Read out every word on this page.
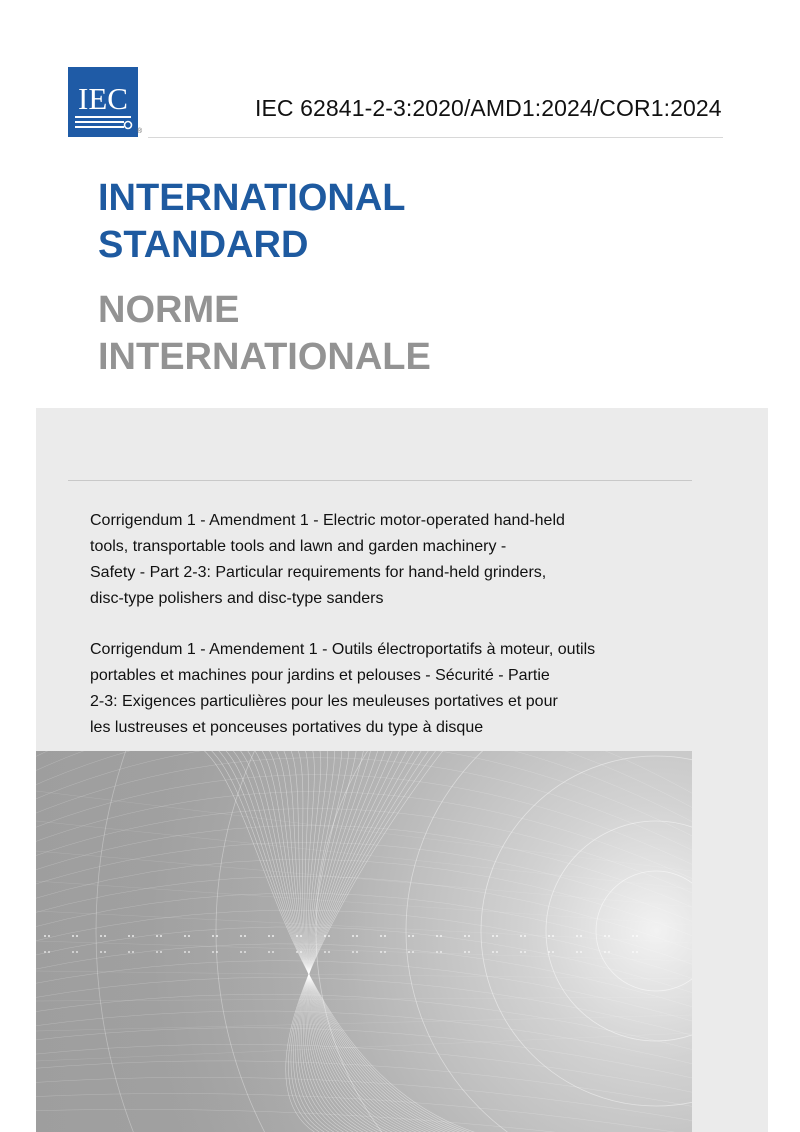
IEC
®
IEC 62841-2-3:2020/AMD1:2024/COR1:2024
INTERNATIONAL
STANDARD
NORME
INTERNATIONALE
Corrigendum 1 - Amendment 1 - Electric motor-operated hand-held
tools, transportable tools and lawn and garden machinery -
Safety - Part 2-3: Particular requirements for hand-held grinders,
disc-type polishers and disc-type sanders
Corrigendum 1 - Amendement 1 - Outils électroportatifs à moteur, outils
portables et machines pour jardins et pelouses - Sécurité - Partie
2-3: Exigences particulières pour les meuleuses portatives et pour
les lustreuses et ponceuses portatives du type à disque
